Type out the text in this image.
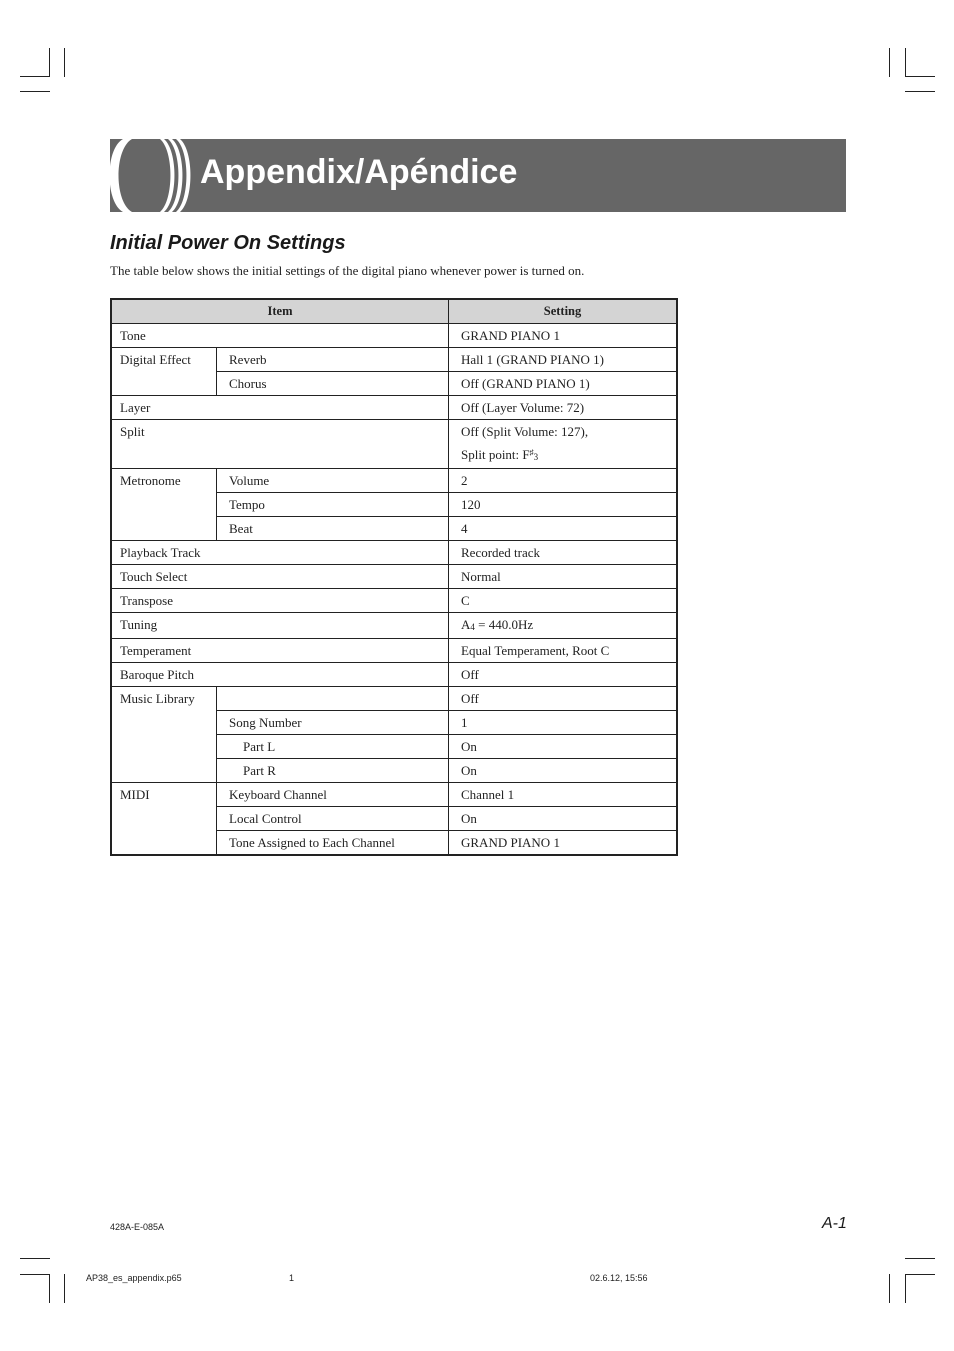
Appendix/Apéndice
Initial Power On Settings
The table below shows the initial settings of the digital piano whenever power is turned on.
Item		Setting
Tone		GRAND PIANO 1
Digital Effect	Reverb	Hall 1 (GRAND PIANO 1)
	Chorus	Off (GRAND PIANO 1)
Layer		Off (Layer Volume: 72)
Split		Off (Split Volume: 127),
Split point: F♯3
Metronome	Volume	2
	Tempo	120
	Beat	4
Playback Track		Recorded track
Touch Select		Normal
Transpose		C
Tuning		A4 = 440.0Hz
Temperament		Equal Temperament, Root C
Baroque Pitch		Off
Music Library		Off
	Song Number	1
	Part L	On
	Part R	On
MIDI	Keyboard Channel	Channel 1
	Local Control	On
	Tone Assigned to Each Channel	GRAND PIANO 1
428A-E-085A	A-1
AP38_es_appendix.p65	1	02.6.12, 15:56
